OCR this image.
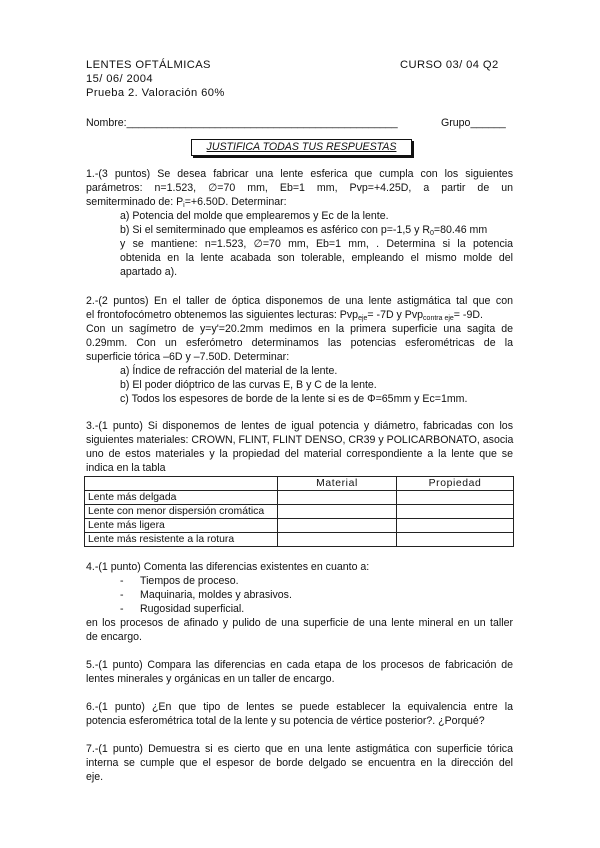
LENTES OFTÁLMICAS	CURSO 03/ 04 Q2
15/ 06/ 2004
Prueba 2. Valoración 60%
Nombre:______________________________________________	Grupo______
JUSTIFICA TODAS TUS RESPUESTAS
1.-(3 puntos) Se desea fabricar una lente esferica que cumpla con los siguientes
parámetros: n=1.523, ∅=70 mm, Eb=1 mm, Pvp=+4.25D, a partir de un
semiterminado de: $P_i=+6.50D$. Determinar:
a) Potencia del molde que emplearemos y Ec de la lente.
b) Si el semiterminado que empleamos es asférico con p=-1,5 y $R_0=80.46$ mm
y se mantiene: n=1.523, ∅=70 mm, Eb=1 mm, . Determina si la potencia
obtenida en la lente acabada son tolerable, empleando el mismo molde del
apartado a).
2.-(2 puntos) En el taller de óptica disponemos de una lente astigmática tal que con
el frontofocómetro obtenemos las siguientes lecturas: Pvp$_{eje}$= -7D y Pvp$_{contra eje}$= -9D.
Con un sagímetro de y=y'=20.2mm medimos en la primera superficie una sagita de
0.29mm. Con un esferómetro determinamos las potencias esferométricas de la
superficie tórica –6D y –7.50D. Determinar:
a) Índice de refracción del material de la lente.
b) El poder dióptrico de las curvas E, B y C de la lente.
c) Todos los espesores de borde de la lente si es de Φ=65mm y Ec=1mm.
3.-(1 punto) Si disponemos de lentes de igual potencia y diámetro, fabricadas con los
siguientes materiales: CROWN, FLINT, FLINT DENSO, CR39 y POLICARBONATO, asocia
uno de estos materiales y la propiedad del material correspondiente a la lente que se
indica en la tabla
	Material	Propiedad
Lente más delgada		
Lente con menor dispersión cromática		
Lente más ligera		
Lente más resistente a la rotura		
4.-(1 punto) Comenta las diferencias existentes en cuanto a:
- Tiempos de proceso.
- Maquinaria, moldes y abrasivos.
- Rugosidad superficial.
en los procesos de afinado y pulido de una superficie de una lente mineral en un taller
de encargo.
5.-(1 punto) Compara las diferencias en cada etapa de los procesos de fabricación de
lentes minerales y orgánicas en un taller de encargo.
6.-(1 punto) ¿En que tipo de lentes se puede establecer la equivalencia entre la
potencia esferométrica total de la lente y su potencia de vértice posterior?. ¿Porqué?
7.-(1 punto) Demuestra si es cierto que en una lente astigmática con superficie tórica
interna se cumple que el espesor de borde delgado se encuentra en la dirección del
eje.
